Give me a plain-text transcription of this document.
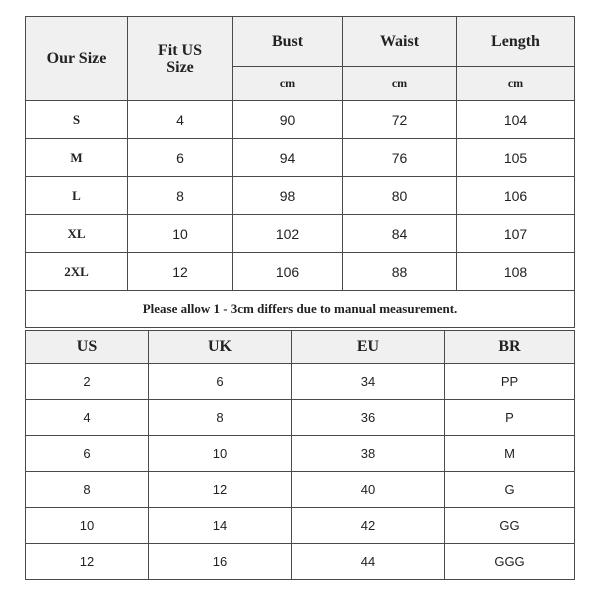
Our Size	Fit US Size	Bust	Waist	Length
		cm	cm	cm
S	4	90	72	104
M	6	94	76	105
L	8	98	80	106
XL	10	102	84	107
2XL	12	106	88	108
Please allow 1 - 3cm differs due to manual measurement.				
US	UK	EU	BR
2	6	34	PP
4	8	36	P
6	10	38	M
8	12	40	G
10	14	42	GG
12	16	44	GGG
